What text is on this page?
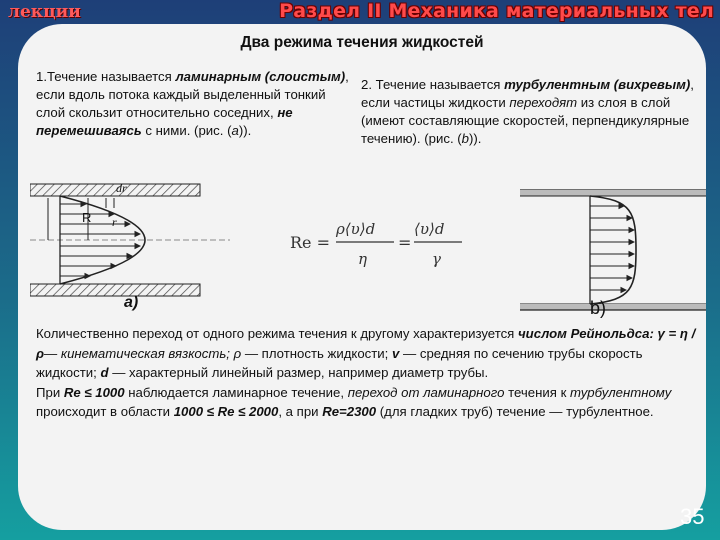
лекции	Раздел II Механика материальных тел
Два режима течения жидкостей
1.Течение называется ламинарным (слоистым), если вдоль потока каждый выделенный тонкий слой скользит относительно соседних, не перемешиваясь с ними. (рис. (a)).
2. Течение называется турбулентным (вихревым), если частицы жидкости переходят из слоя в слой (имеют составляющие скоростей, перпендикулярные течению). (рис. (b)).
dr
R r
a)
Re =
ρ⟨υ⟩d
η
=
⟨υ⟩d
γ
b)
Количественно переход от одного режима течения к другому характеризуется числом Рейнольдса: γ = η / ρ— кинематическая вязкость; ρ — плотность жидкости; v — средняя по сечению трубы скорость жидкости; d — характерный линейный размер, например диаметр трубы.
При Re ≤ 1000 наблюдается ламинарное течение, переход от ламинарного течения к турбулентному происходит в области 1000 ≤ Re ≤ 2000, а при Re=2300 (для гладких труб) течение — турбулентное.
35
